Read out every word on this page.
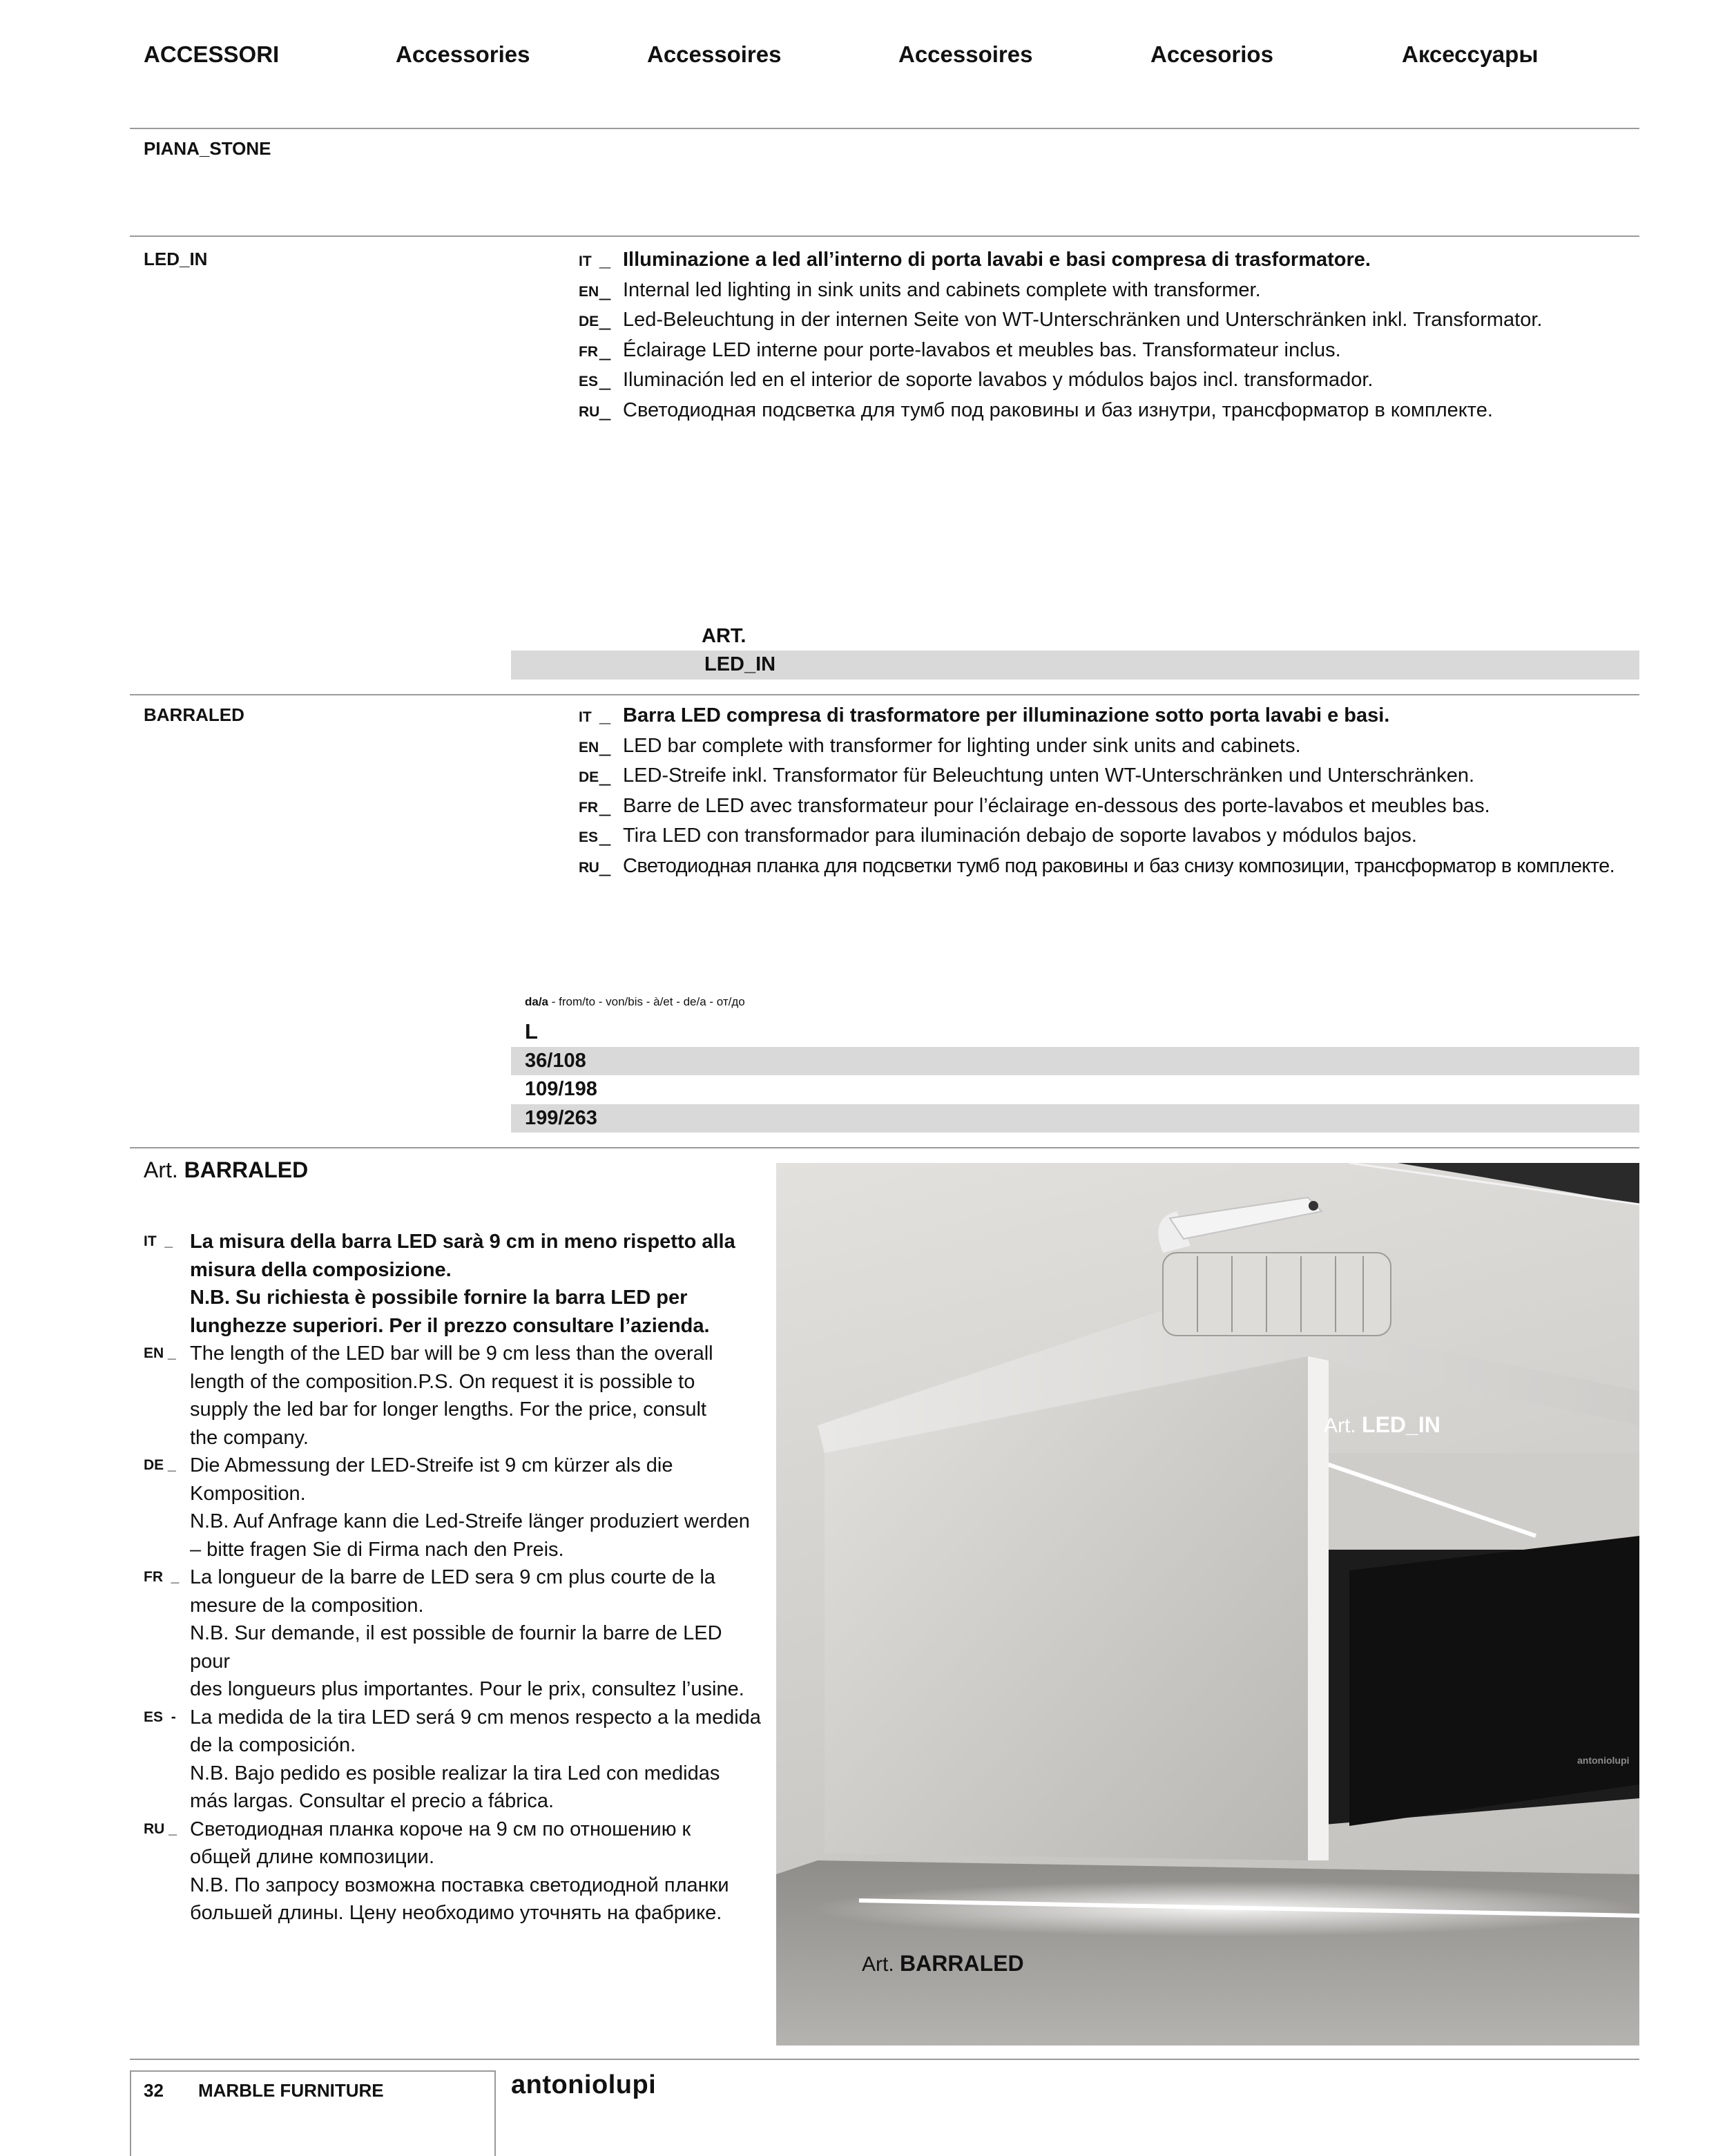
ACCESSORI	Accessories	Accessoires	Accessoires	Accesorios	Аксессуары
PIANA_STONE
LED_IN	IT _ Illuminazione a led all’interno di porta lavabi e basi compresa di trasformatore.
EN_ Internal led lighting in sink units and cabinets complete with transformer.
DE_ Led-Beleuchtung in der internen Seite von WT-Unterschränken und Unterschränken inkl. Transformator.
FR_ Éclairage LED interne pour porte-lavabos et meubles bas. Transformateur inclus.
ES_ Iluminación led en el interior de soporte lavabos y módulos bajos incl. transformador.
RU_ Светодиодная подсветка для тумб под раковины и баз изнутри, трансформатор в комплекте.
ART.
LED_IN
BARRALED	IT _ Barra LED compresa di trasformatore per illuminazione sotto porta lavabi e basi.
EN_ LED bar complete with transformer for lighting under sink units and cabinets.
DE_ LED-Streife inkl. Transformator für Beleuchtung unten WT-Unterschränken und Unterschränken.
FR_ Barre de LED avec transformateur pour l’éclairage en-dessous des porte-lavabos et meubles bas.
ES_ Tira LED con transformador para iluminación debajo de soporte lavabos y módulos bajos.
RU_ Светодиодная планка для подсветки тумб под раковины и баз снизу композиции, трансформатор в комплекте.
da/a - from/to - von/bis - à/et - de/a - от/до
L
36/108
109/198
199/263
Art. BARRALED
IT _ La misura della barra LED sarà 9 cm in meno rispetto alla
misura della composizione.
N.B. Su richiesta è possibile fornire la barra LED per
lunghezze superiori. Per il prezzo consultare l’azienda.
EN _ The length of the LED bar will be 9 cm less than the overall
length of the composition.P.S. On request it is possible to
supply the led bar for longer lengths. For the price, consult
the company.
DE _ Die Abmessung der LED-Streife ist 9 cm kürzer als die
Komposition.
N.B. Auf Anfrage kann die Led-Streife länger produziert werden
– bitte fragen Sie di Firma nach den Preis.
FR _ La longueur de la barre de LED sera 9 cm plus courte de la
mesure de la composition.
N.B. Sur demande, il est possible de fournir la barre de LED pour
des longueurs plus importantes. Pour le prix, consultez l’usine.
ES - La medida de la tira LED será 9 cm menos respecto a la medida
de la composición.
N.B. Bajo pedido es posible realizar la tira Led con medidas
más largas. Consultar el precio a fábrica.
RU _ Светодиодная планка короче на 9 см по отношению к
общей длине композиции.
N.B. По запросу возможна поставка светодиодной планки
большей длины. Цену необходимо уточнять на фабрике.
antoniolupi
Art. LED_IN
Art. BARRALED
32 MARBLE FURNITURE	antoniolupi
